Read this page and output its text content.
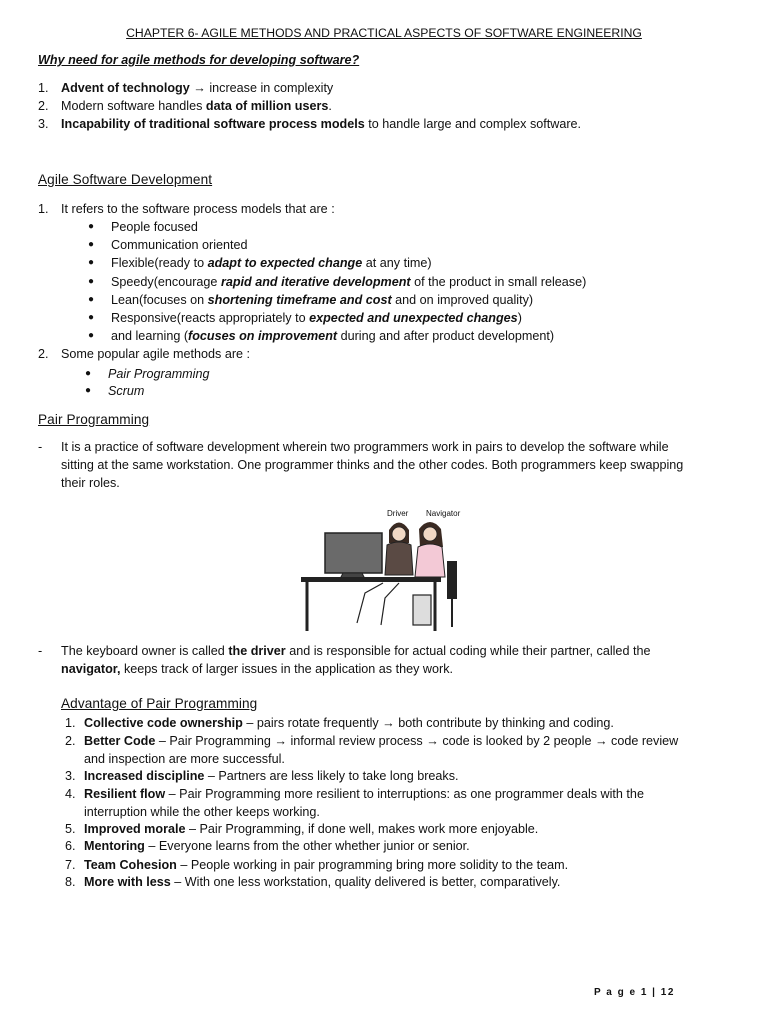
CHAPTER 6- AGILE METHODS AND PRACTICAL ASPECTS OF SOFTWARE ENGINEERING
Why need for agile methods for developing software?
1. Advent of technology → increase in complexity
2. Modern software handles data of million users.
3. Incapability of traditional software process models to handle large and complex software.
Agile Software Development
1. It refers to the software process models that are :
● People focused
● Communication oriented
● Flexible(ready to adapt to expected change at any time)
● Speedy(encourage rapid and iterative development of the product in small release)
● Lean(focuses on shortening timeframe and cost and on improved quality)
● Responsive(reacts appropriately to expected and unexpected changes)
● and learning (focuses on improvement during and after product development)
2. Some popular agile methods are :
● Pair Programming
● Scrum
Pair Programming
- It is a practice of software development wherein two programmers work in pairs to develop the software while sitting at the same workstation. One programmer thinks and the other codes. Both programmers keep swapping their roles.
Driver Navigator
- The keyboard owner is called the driver and is responsible for actual coding while their partner, called the navigator, keeps track of larger issues in the application as they work.
Advantage of Pair Programming
1. Collective code ownership – pairs rotate frequently → both contribute by thinking and coding.
2. Better Code – Pair Programming → informal review process → code is looked by 2 people → code review and inspection are more successful.
3. Increased discipline – Partners are less likely to take long breaks.
4. Resilient flow – Pair Programming more resilient to interruptions: as one programmer deals with the interruption while the other keeps working.
5. Improved morale – Pair Programming, if done well, makes work more enjoyable.
6. Mentoring – Everyone learns from the other whether junior or senior.
7. Team Cohesion – People working in pair programming bring more solidity to the team.
8. More with less – With one less workstation, quality delivered is better, comparatively.
P a g e 1 | 12
